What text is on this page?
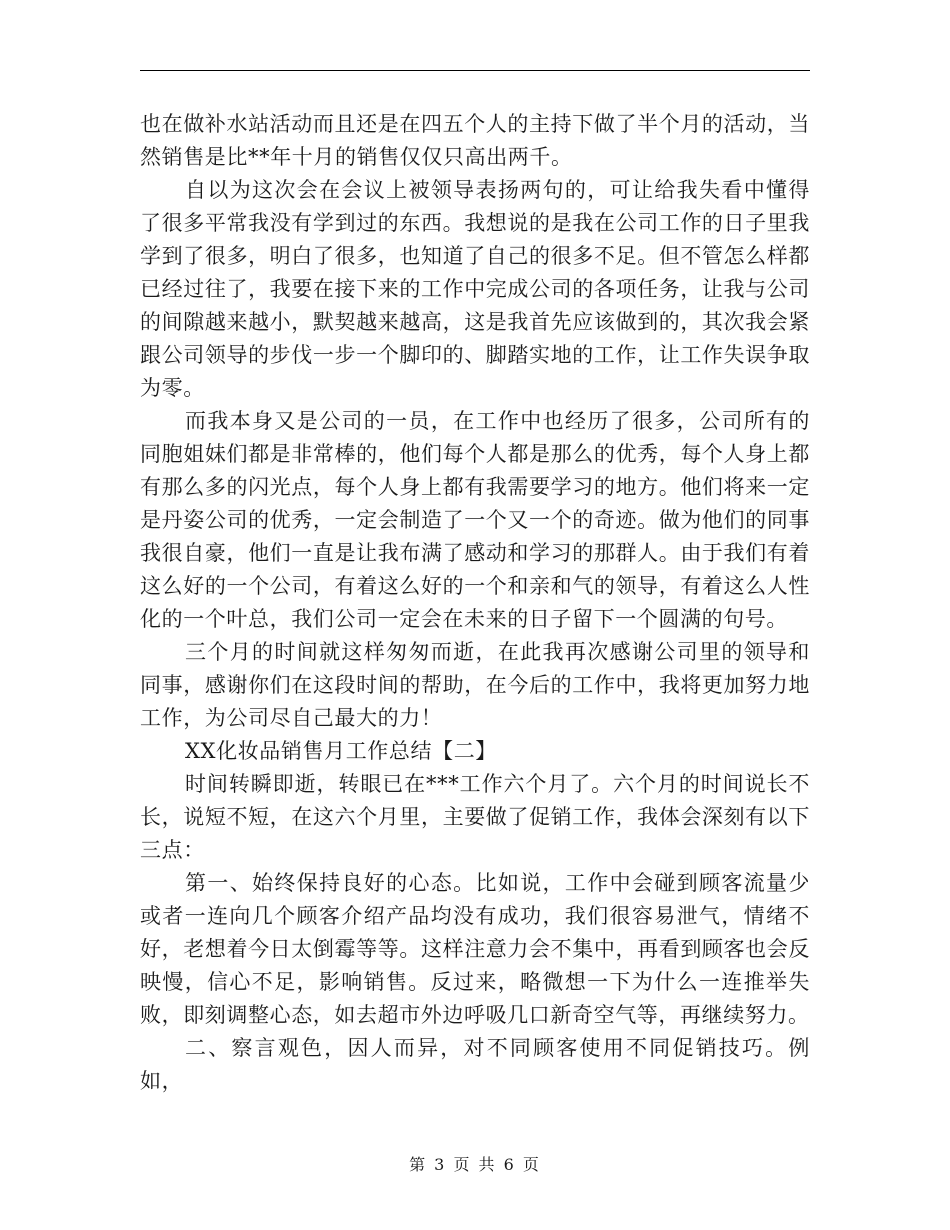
也在做补水站活动而且还是在四五个人的主持下做了半个月的活动，当然销售是比**年十月的销售仅仅只高出两千。

自以为这次会在会议上被领导表扬两句的，可让给我失看中懂得了很多平常我没有学到过的东西。我想说的是我在公司工作的日子里我学到了很多，明白了很多，也知道了自己的很多不足。但不管怎么样都已经过往了，我要在接下来的工作中完成公司的各项任务，让我与公司的间隙越来越小，默契越来越高，这是我首先应该做到的，其次我会紧跟公司领导的步伐一步一个脚印的、脚踏实地的工作，让工作失误争取为零。

而我本身又是公司的一员，在工作中也经历了很多，公司所有的同胞姐妹们都是非常棒的，他们每个人都是那么的优秀，每个人身上都有那么多的闪光点，每个人身上都有我需要学习的地方。他们将来一定是丹姿公司的优秀，一定会制造了一个又一个的奇迹。做为他们的同事我很自豪，他们一直是让我布满了感动和学习的那群人。由于我们有着这么好的一个公司，有着这么好的一个和亲和气的领导，有着这么人性化的一个叶总，我们公司一定会在未来的日子留下一个圆满的句号。

三个月的时间就这样匆匆而逝，在此我再次感谢公司里的领导和同事，感谢你们在这段时间的帮助，在今后的工作中，我将更加努力地工作，为公司尽自己最大的力！

XX化妆品销售月工作总结【二】

时间转瞬即逝，转眼已在***工作六个月了。六个月的时间说长不长，说短不短，在这六个月里，主要做了促销工作，我体会深刻有以下三点：

第一、始终保持良好的心态。比如说，工作中会碰到顾客流量少或者一连向几个顾客介绍产品均没有成功，我们很容易泄气，情绪不好，老想着今日太倒霉等等。这样注意力会不集中，再看到顾客也会反映慢，信心不足，影响销售。反过来，略微想一下为什么一连推举失败，即刻调整心态，如去超市外边呼吸几口新奇空气等，再继续努力。

二、察言观色，因人而异，对不同顾客使用不同促销技巧。例如，

第 3 页 共 6 页
